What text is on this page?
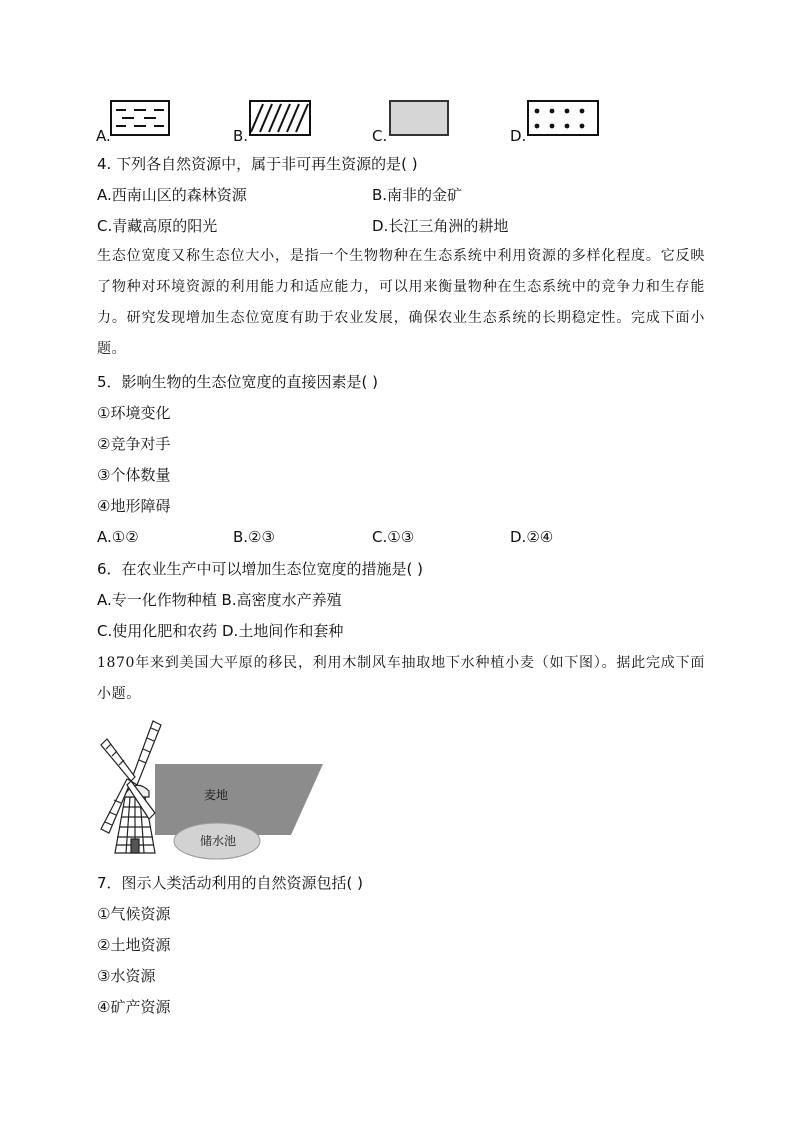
A.	B.	C.	D.
4. 下列各自然资源中，属于非可再生资源的是( )
A.西南山区的森林资源	B.南非的金矿
C.青藏高原的阳光	D.长江三角洲的耕地
生态位宽度又称生态位大小，是指一个生物物种在生态系统中利用资源的多样化程度。它反映了物种对环境资源的利用能力和适应能力，可以用来衡量物种在生态系统中的竞争力和生存能力。研究发现增加生态位宽度有助于农业发展，确保农业生态系统的长期稳定性。完成下面小题。
5．影响生物的生态位宽度的直接因素是( )
①环境变化
②竞争对手
③个体数量
④地形障碍
A.①②	B.②③	C.①③	D.②④
6．在农业生产中可以增加生态位宽度的措施是( )
A.专一化作物种植 B.高密度水产养殖
C.使用化肥和农药 D.土地间作和套种
1870年来到美国大平原的移民，利用木制风车抽取地下水种植小麦（如下图）。据此完成下面小题。
麦地
储水池
7．图示人类活动利用的自然资源包括( )
①气候资源
②土地资源
③水资源
④矿产资源
